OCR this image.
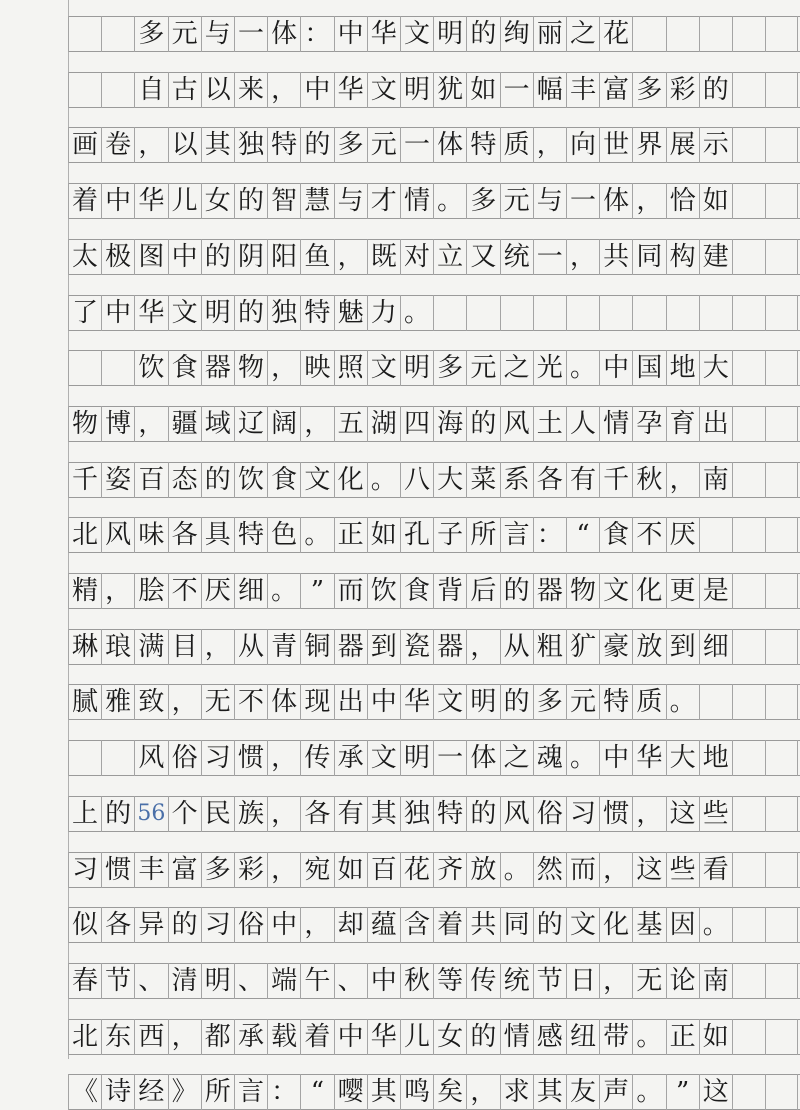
多 元 与 一 体 ： 中 华 文 明 的 绚 丽 之 花
自 古 以 来 ， 中 华 文 明 犹 如 一 幅 丰 富 多 彩 的
画 卷 ， 以 其 独 特 的 多 元 一 体 特 质 ， 向 世 界 展 示
着 中 华 儿 女 的 智 慧 与 才 情 。 多 元 与 一 体 ， 恰 如
太 极 图 中 的 阴 阳 鱼 ， 既 对 立 又 统 一 ， 共 同 构 建
了 中 华 文 明 的 独 特 魅 力 。
饮 食 器 物 ， 映 照 文 明 多 元 之 光 。 中 国 地 大
物 博 ， 疆 域 辽 阔 ， 五 湖 四 海 的 风 土 人 情 孕 育 出
千 姿 百 态 的 饮 食 文 化 。 八 大 菜 系 各 有 千 秋 ， 南
北 风 味 各 具 特 色 。 正 如 孔 子 所 言 ： “ 食 不 厌
精 ， 脍 不 厌 细 。 ” 而 饮 食 背 后 的 器 物 文 化 更 是
琳 琅 满 目 ， 从 青 铜 器 到 瓷 器 ， 从 粗 犷 豪 放 到 细
腻 雅 致 ， 无 不 体 现 出 中 华 文 明 的 多 元 特 质 。
风 俗 习 惯 ， 传 承 文 明 一 体 之 魂 。 中 华 大 地
上 的 56 个 民 族 ， 各 有 其 独 特 的 风 俗 习 惯 ， 这 些
习 惯 丰 富 多 彩 ， 宛 如 百 花 齐 放 。 然 而 ， 这 些 看
似 各 异 的 习 俗 中 ， 却 蕴 含 着 共 同 的 文 化 基 因 。
春 节 、 清 明 、 端 午 、 中 秋 等 传 统 节 日 ， 无 论 南
北 东 西 ， 都 承 载 着 中 华 儿 女 的 情 感 纽 带 。 正 如
《 诗 经 》 所 言 ： “ 嘤 其 鸣 矣 ， 求 其 友 声 。 ” 这
